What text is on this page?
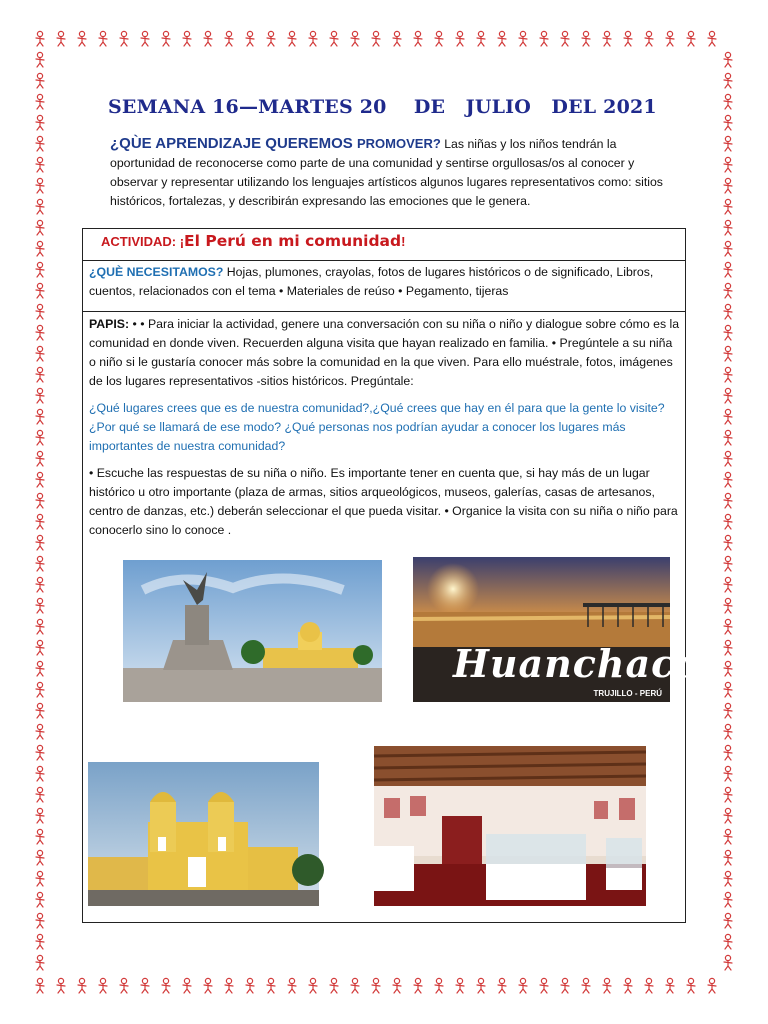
SEMANA 16—MARTES 20    DE   JULIO   DEL 2021
¿QÙE APRENDIZAJE QUEREMOS PROMOVER? Las niñas y los niños tendrán la oportunidad de reconocerse como parte de una comunidad y sentirse orgullosas/os al conocer y observar y representar utilizando los lenguajes artísticos algunos lugares representativos como: sitios históricos, fortalezas, y describirán expresando las emociones que le genera.
ACTIVIDAD: ¡El Perú en mi comunidad!
¿QUÈ NECESITAMOS? Hojas, plumones, crayolas, fotos de lugares históricos o de significado, Libros, cuentos, relacionados con el tema • Materiales de reúso • Pegamento, tijeras

PAPIS: • • Para iniciar la actividad, genere una conversación con su niña o niño y dialogue sobre cómo es la comunidad en donde viven. Recuerden alguna visita que hayan realizado en familia. • Pregúntele a su niña o niño si le gustaría conocer más sobre la comunidad en la que viven. Para ello muéstrale, fotos, imágenes de los lugares representativos -sitios históricos. Pregúntale:

¿Qué lugares crees que es de nuestra comunidad?,¿Qué crees que hay en él para que la gente lo visite? ¿Por qué se llamará de ese modo? ¿Qué personas nos podrían ayudar a conocer los lugares más importantes de nuestra comunidad?

• Escuche las respuestas de su niña o niño. Es importante tener en cuenta que, si hay más de un lugar histórico u otro importante (plaza de armas, sitios arqueológicos, museos, galerías, casas de artesanos, centro de danzas, etc.) deberán seleccionar el que pueda visitar. • Organice la visita con su niña o niño para conocerlo sino lo conoce .

Huanchaco
TRUJILLO - PERÚ
